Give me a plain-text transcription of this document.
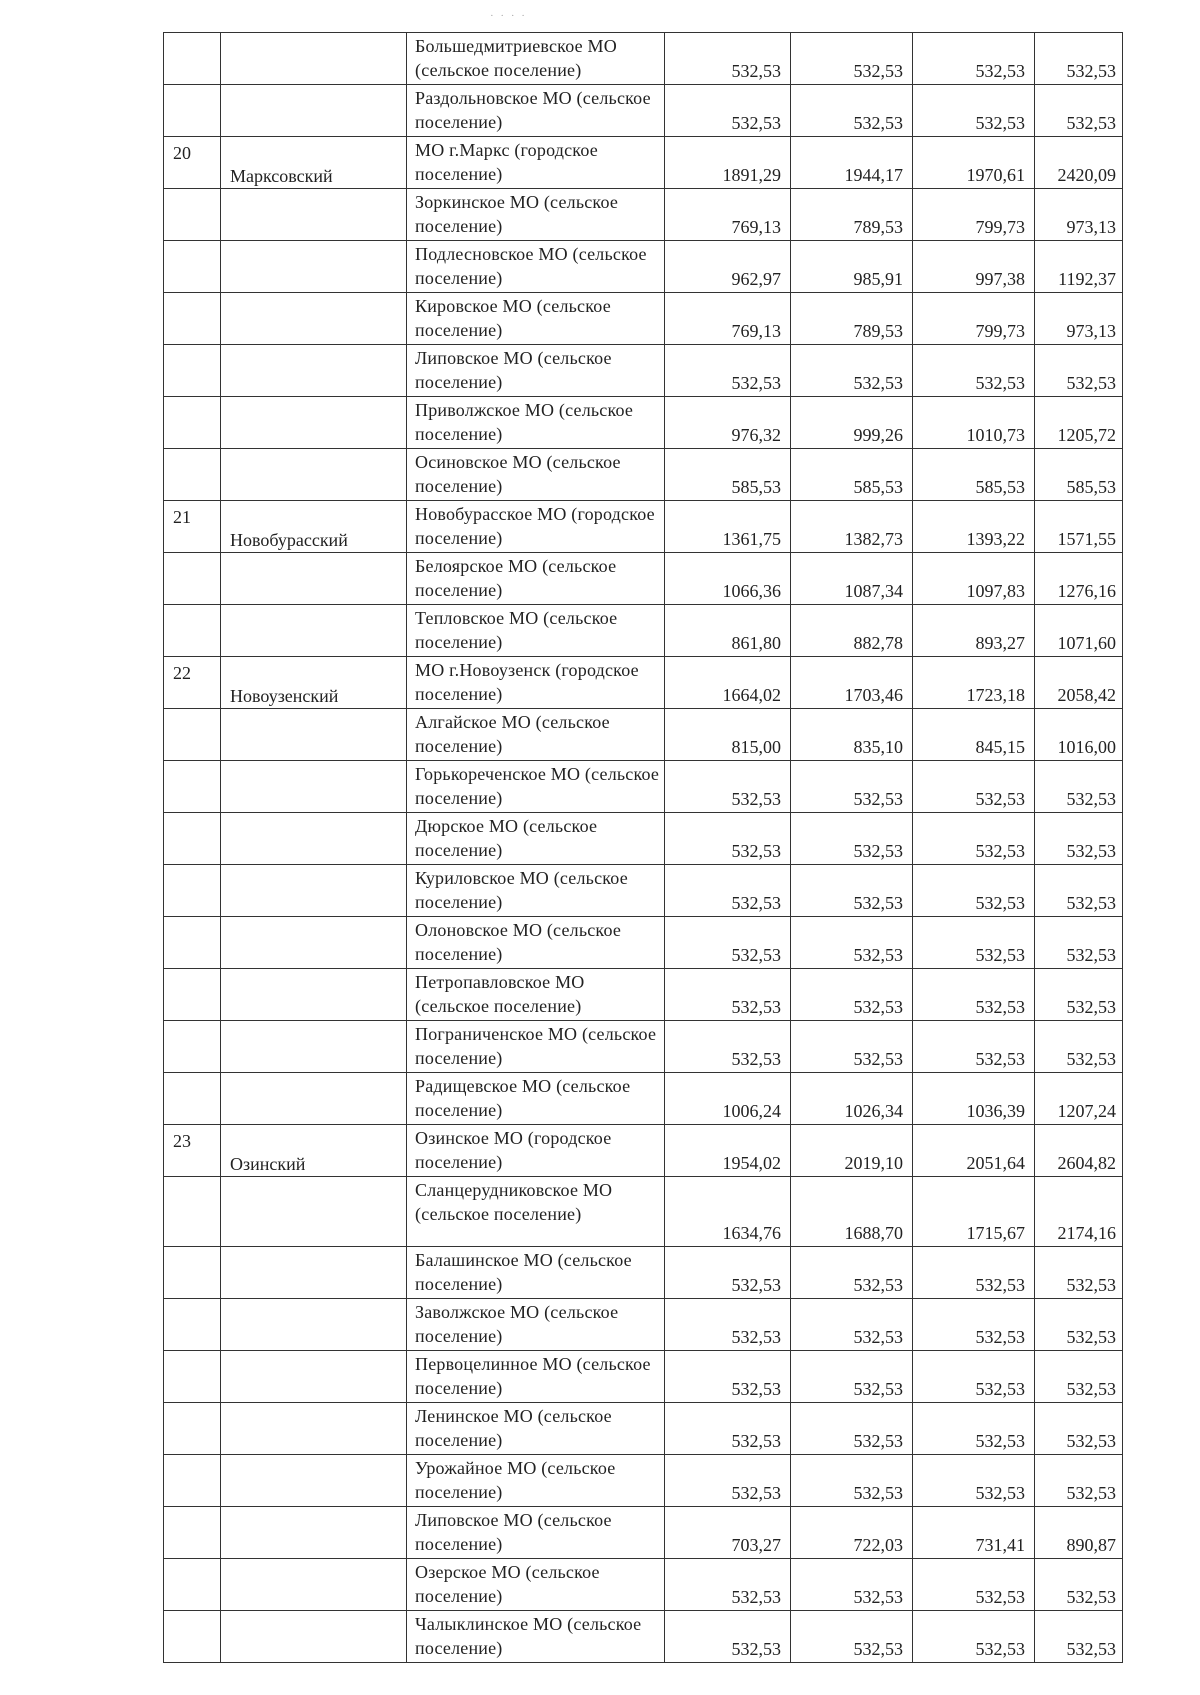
· · · ·
		Большедмитриевское МО (сельское поселение)	532,53	532,53	532,53	532,53
		Раздольновское МО (сельское поселение)	532,53	532,53	532,53	532,53
20	Марксовский	МО г.Маркс (городское поселение)	1891,29	1944,17	1970,61	2420,09
		Зоркинское МО (сельское поселение)	769,13	789,53	799,73	973,13
		Подлесновское МО (сельское поселение)	962,97	985,91	997,38	1192,37
		Кировское МО (сельское поселение)	769,13	789,53	799,73	973,13
		Липовское МО (сельское поселение)	532,53	532,53	532,53	532,53
		Приволжское МО (сельское поселение)	976,32	999,26	1010,73	1205,72
		Осиновское МО (сельское поселение)	585,53	585,53	585,53	585,53
21	Новобурасский	Новобурасское МО (городское поселение)	1361,75	1382,73	1393,22	1571,55
		Белоярское МО (сельское поселение)	1066,36	1087,34	1097,83	1276,16
		Тепловское МО (сельское поселение)	861,80	882,78	893,27	1071,60
22	Новоузенский	МО г.Новоузенск (городское поселение)	1664,02	1703,46	1723,18	2058,42
		Алгайское МО (сельское поселение)	815,00	835,10	845,15	1016,00
		Горькореченское МО (сельское поселение)	532,53	532,53	532,53	532,53
		Дюрское МО (сельское поселение)	532,53	532,53	532,53	532,53
		Куриловское МО (сельское поселение)	532,53	532,53	532,53	532,53
		Олоновское МО (сельское поселение)	532,53	532,53	532,53	532,53
		Петропавловское МО (сельское поселение)	532,53	532,53	532,53	532,53
		Пограниченское МО (сельское поселение)	532,53	532,53	532,53	532,53
		Радищевское МО (сельское поселение)	1006,24	1026,34	1036,39	1207,24
23	Озинский	Озинское МО (городское поселение)	1954,02	2019,10	2051,64	2604,82
		Сланцерудниковское МО (сельское поселение)	1634,76	1688,70	1715,67	2174,16
		Балашинское МО (сельское поселение)	532,53	532,53	532,53	532,53
		Заволжское МО (сельское поселение)	532,53	532,53	532,53	532,53
		Первоцелинное МО (сельское поселение)	532,53	532,53	532,53	532,53
		Ленинское МО (сельское поселение)	532,53	532,53	532,53	532,53
		Урожайное МО (сельское поселение)	532,53	532,53	532,53	532,53
		Липовское МО (сельское поселение)	703,27	722,03	731,41	890,87
		Озерское МО (сельское поселение)	532,53	532,53	532,53	532,53
		Чалыклинское МО (сельское поселение)	532,53	532,53	532,53	532,53
